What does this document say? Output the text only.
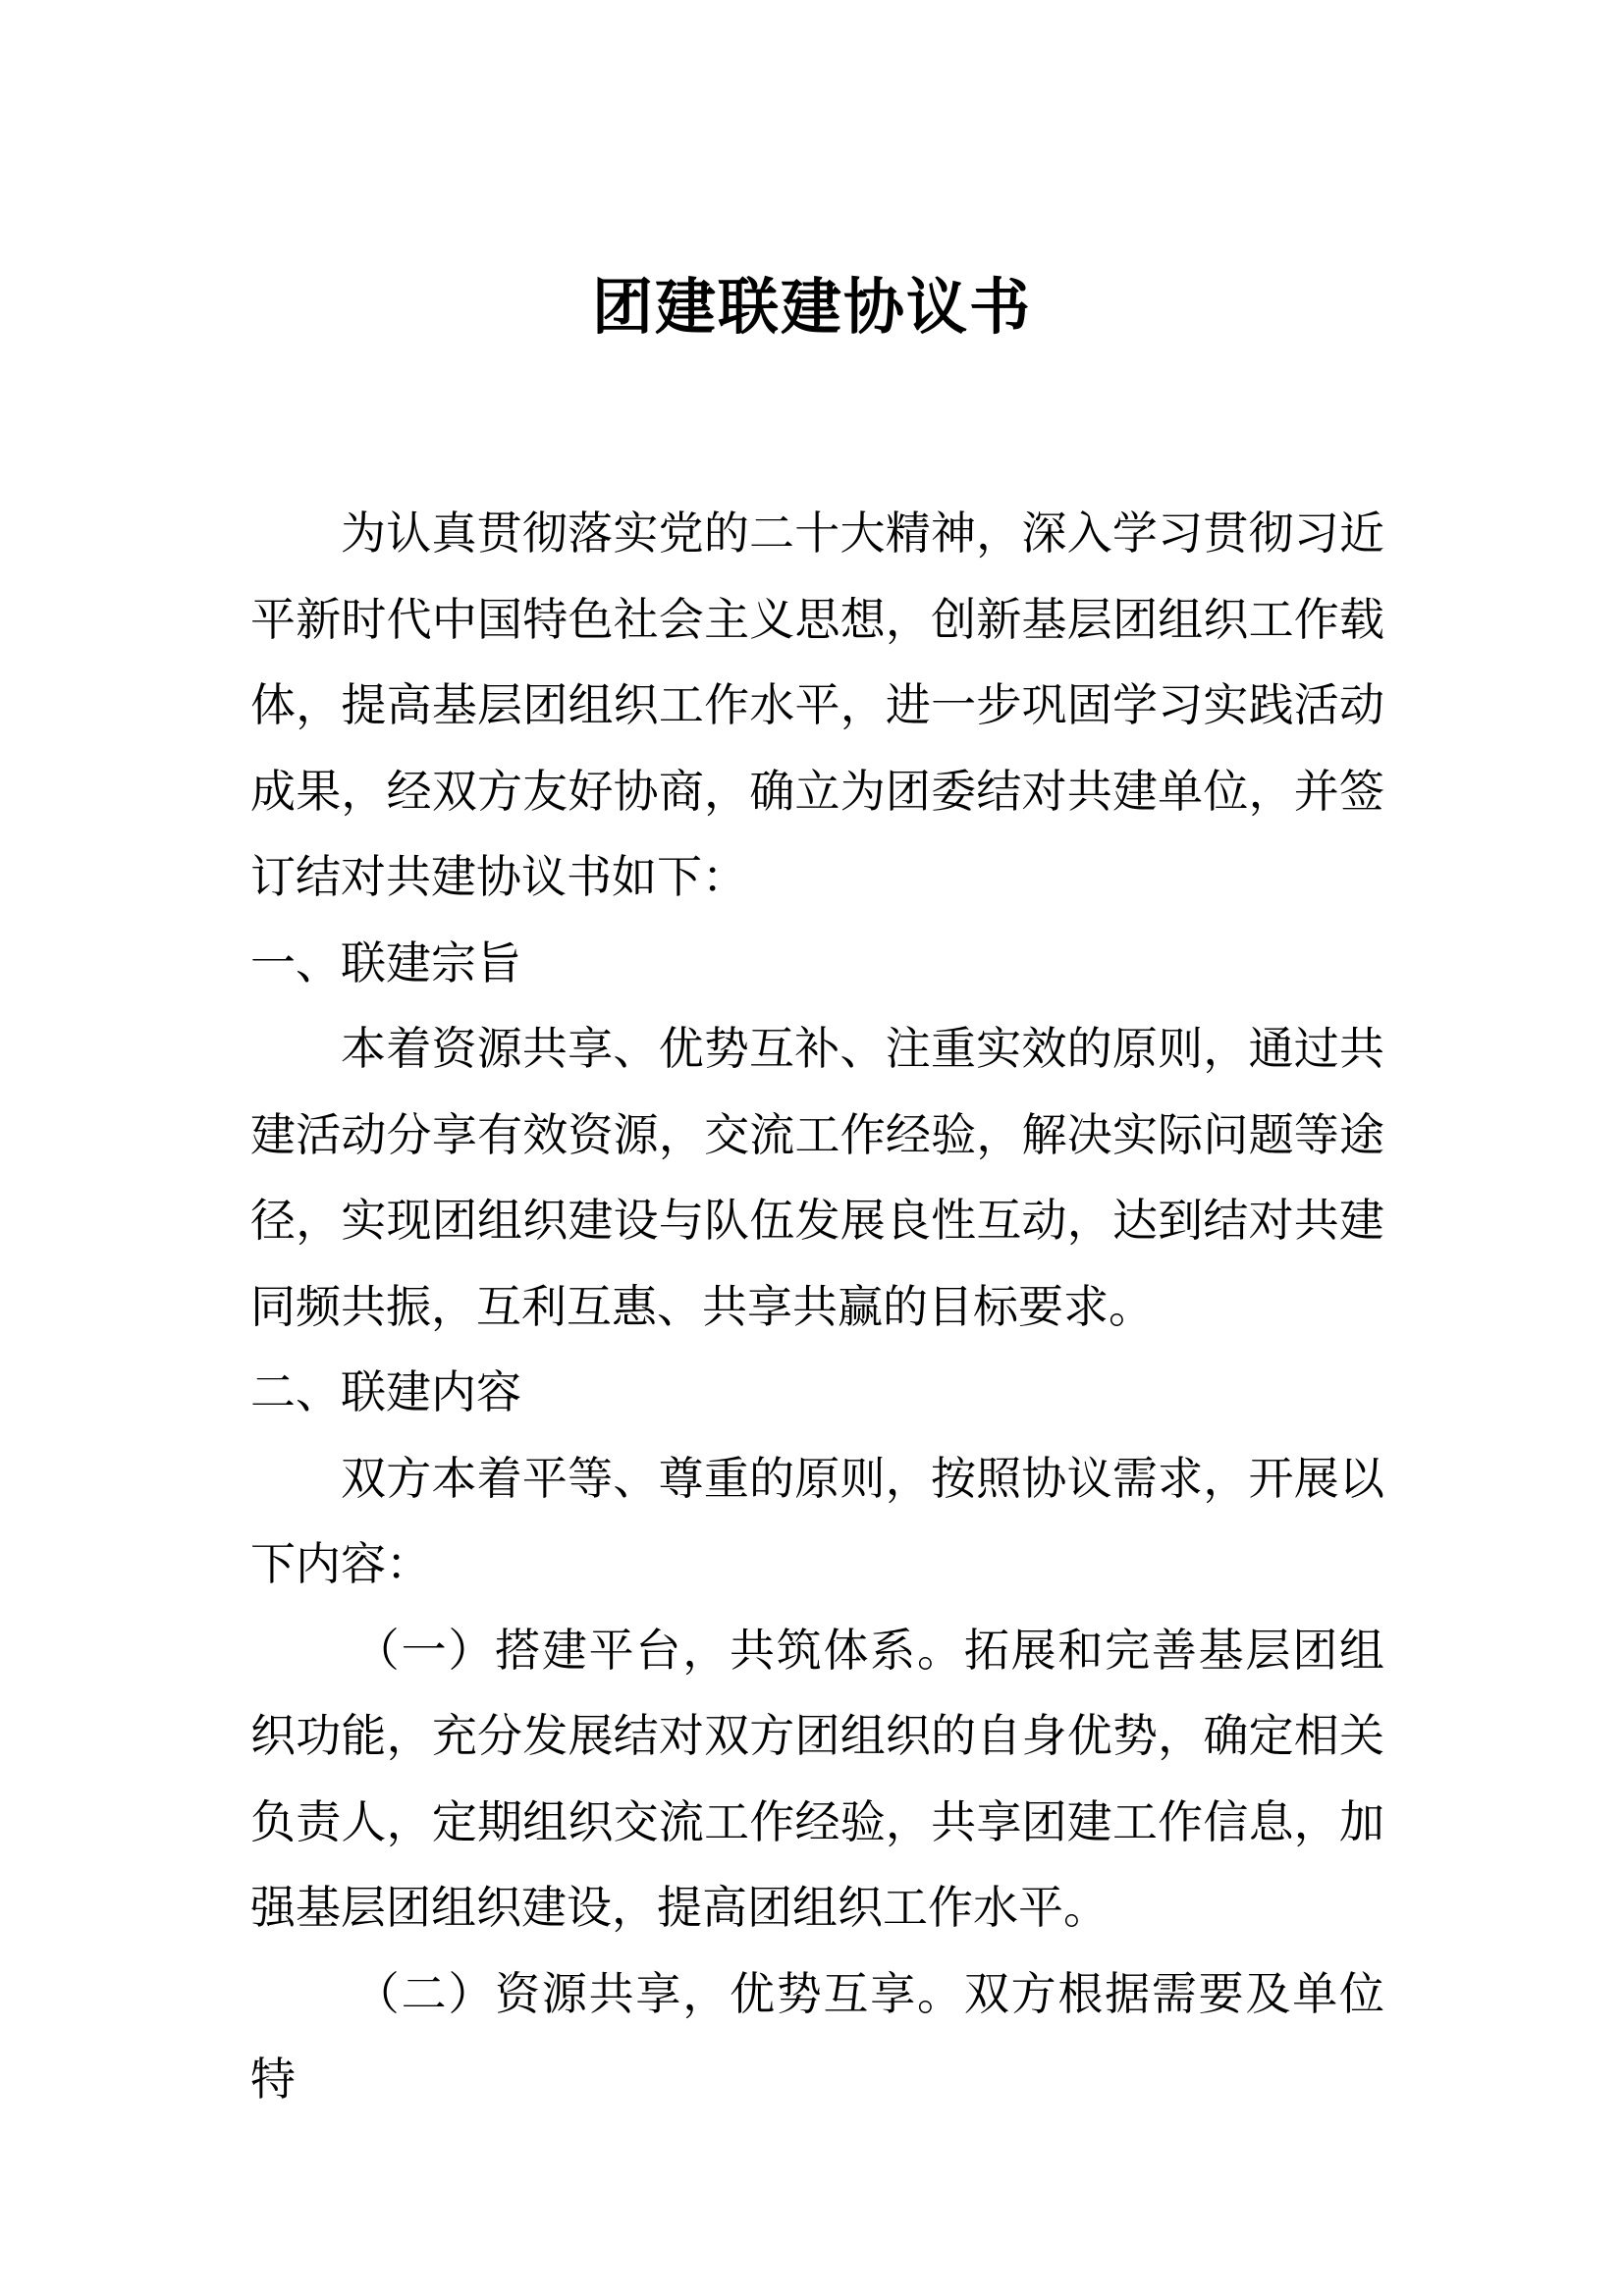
团建联建协议书

为认真贯彻落实党的二十大精神，深入学习贯彻习近平新时代中国特色社会主义思想，创新基层团组织工作载体，提高基层团组织工作水平，进一步巩固学习实践活动成果，经双方友好协商，确立为团委结对共建单位，并签订结对共建协议书如下：

一、联建宗旨

本着资源共享、优势互补、注重实效的原则，通过共建活动分享有效资源，交流工作经验，解决实际问题等途径，实现团组织建设与队伍发展良性互动，达到结对共建同频共振，互利互惠、共享共赢的目标要求。

二、联建内容

双方本着平等、尊重的原则，按照协议需求，开展以下内容：

（一）搭建平台，共筑体系。拓展和完善基层团组织功能，充分发展结对双方团组织的自身优势，确定相关负责人，定期组织交流工作经验，共享团建工作信息，加强基层团组织建设，提高团组织工作水平。

（二）资源共享，优势互享。双方根据需要及单位特
